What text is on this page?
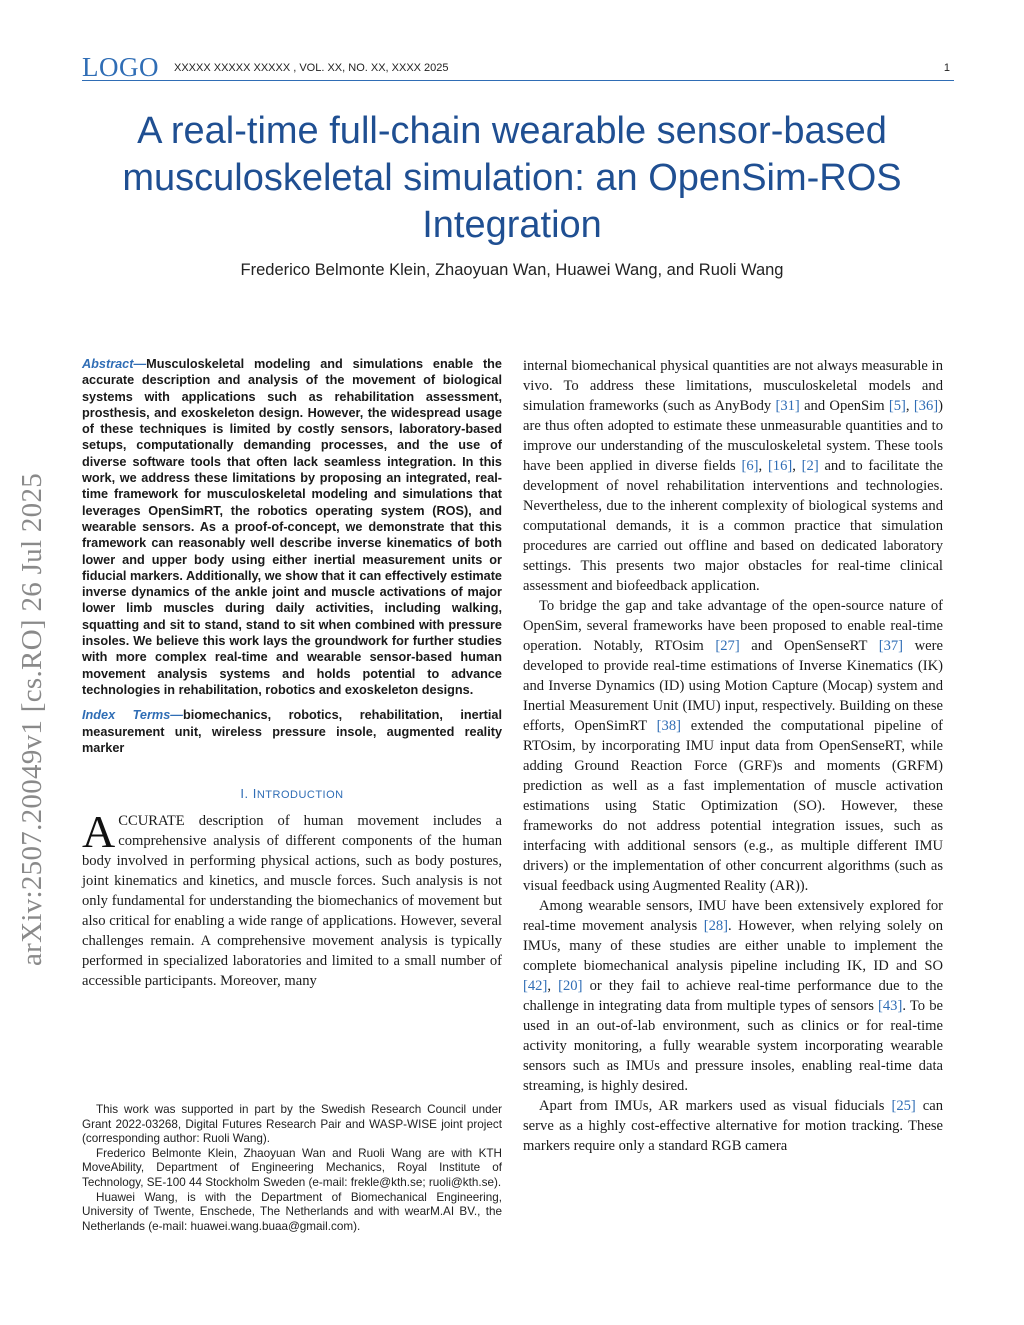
LOGO XXXXX XXXXX XXXXX , VOL. XX, NO. XX, XXXX 2025	1
arXiv:2507.20049v1 [cs.RO] 26 Jul 2025
A real-time full-chain wearable sensor-based musculoskeletal simulation: an OpenSim-ROS Integration
Frederico Belmonte Klein, Zhaoyuan Wan, Huawei Wang, and Ruoli Wang

Abstract—Musculoskeletal modeling and simulations enable the accurate description and analysis of the movement of biological systems with applications such as rehabilitation assessment, prosthesis, and exoskeleton design. However, the widespread usage of these techniques is limited by costly sensors, laboratory-based setups, computationally demanding processes, and the use of diverse software tools that often lack seamless integration. In this work, we address these limitations by proposing an integrated, real-time framework for musculoskeletal modeling and simulations that leverages OpenSimRT, the robotics operating system (ROS), and wearable sensors. As a proof-of-concept, we demonstrate that this framework can reasonably well describe inverse kinematics of both lower and upper body using either inertial measurement units or fiducial markers. Additionally, we show that it can effectively estimate inverse dynamics of the ankle joint and muscle activations of major lower limb muscles during daily activities, including walking, squatting and sit to stand, stand to sit when combined with pressure insoles. We believe this work lays the groundwork for further studies with more complex real-time and wearable sensor-based human movement analysis systems and holds potential to advance technologies in rehabilitation, robotics and exoskeleton designs.

Index Terms—biomechanics, robotics, rehabilitation, inertial measurement unit, wireless pressure insole, augmented reality marker

I. INTRODUCTION

ACCURATE description of human movement includes a comprehensive analysis of different components of the human body involved in performing physical actions, such as body postures, joint kinematics and kinetics, and muscle forces. Such analysis is not only fundamental for understanding the biomechanics of movement but also critical for enabling a wide range of applications. However, several challenges remain. A comprehensive movement analysis is typically performed in specialized laboratories and limited to a small number of accessible participants. Moreover, many

This work was supported in part by the Swedish Research Council under Grant 2022-03268, Digital Futures Research Pair and WASP-WISE joint project (corresponding author: Ruoli Wang).

Frederico Belmonte Klein, Zhaoyuan Wan and Ruoli Wang are with KTH MoveAbility, Department of Engineering Mechanics, Royal Institute of Technology, SE-100 44 Stockholm Sweden (e-mail: frekle@kth.se; ruoli@kth.se).

Huawei Wang, is with the Department of Biomechanical Engineering, University of Twente, Enschede, The Netherlands and with wearM.AI BV., the Netherlands (e-mail: huawei.wang.buaa@gmail.com).

internal biomechanical physical quantities are not always measurable in vivo. To address these limitations, musculoskeletal models and simulation frameworks (such as AnyBody [31] and OpenSim [5], [36]) are thus often adopted to estimate these unmeasurable quantities and to improve our understanding of the musculoskeletal system. These tools have been applied in diverse fields [6], [16], [2] and to facilitate the development of novel rehabilitation interventions and technologies. Nevertheless, due to the inherent complexity of biological systems and computational demands, it is a common practice that simulation procedures are carried out offline and based on dedicated laboratory settings. This presents two major obstacles for real-time clinical assessment and biofeedback application.

To bridge the gap and take advantage of the open-source nature of OpenSim, several frameworks have been proposed to enable real-time operation. Notably, RTOsim [27] and OpenSenseRT [37] were developed to provide real-time estimations of Inverse Kinematics (IK) and Inverse Dynamics (ID) using Motion Capture (Mocap) system and Inertial Measurement Unit (IMU) input, respectively. Building on these efforts, OpenSimRT [38] extended the computational pipeline of RTOsim, by incorporating IMU input data from OpenSenseRT, while adding Ground Reaction Force (GRF)s and moments (GRFM) prediction as well as a fast implementation of muscle activation estimations using Static Optimization (SO). However, these frameworks do not address potential integration issues, such as interfacing with additional sensors (e.g., as multiple different IMU drivers) or the implementation of other concurrent algorithms (such as visual feedback using Augmented Reality (AR)).

Among wearable sensors, IMU have been extensively explored for real-time movement analysis [28]. However, when relying solely on IMUs, many of these studies are either unable to implement the complete biomechanical analysis pipeline including IK, ID and SO [42], [20] or they fail to achieve real-time performance due to the challenge in integrating data from multiple types of sensors [43]. To be used in an out-of-lab environment, such as clinics or for real-time activity monitoring, a fully wearable system incorporating wearable sensors such as IMUs and pressure insoles, enabling real-time data streaming, is highly desired.

Apart from IMUs, AR markers used as visual fiducials [25] can serve as a highly cost-effective alternative for motion tracking. These markers require only a standard RGB camera
